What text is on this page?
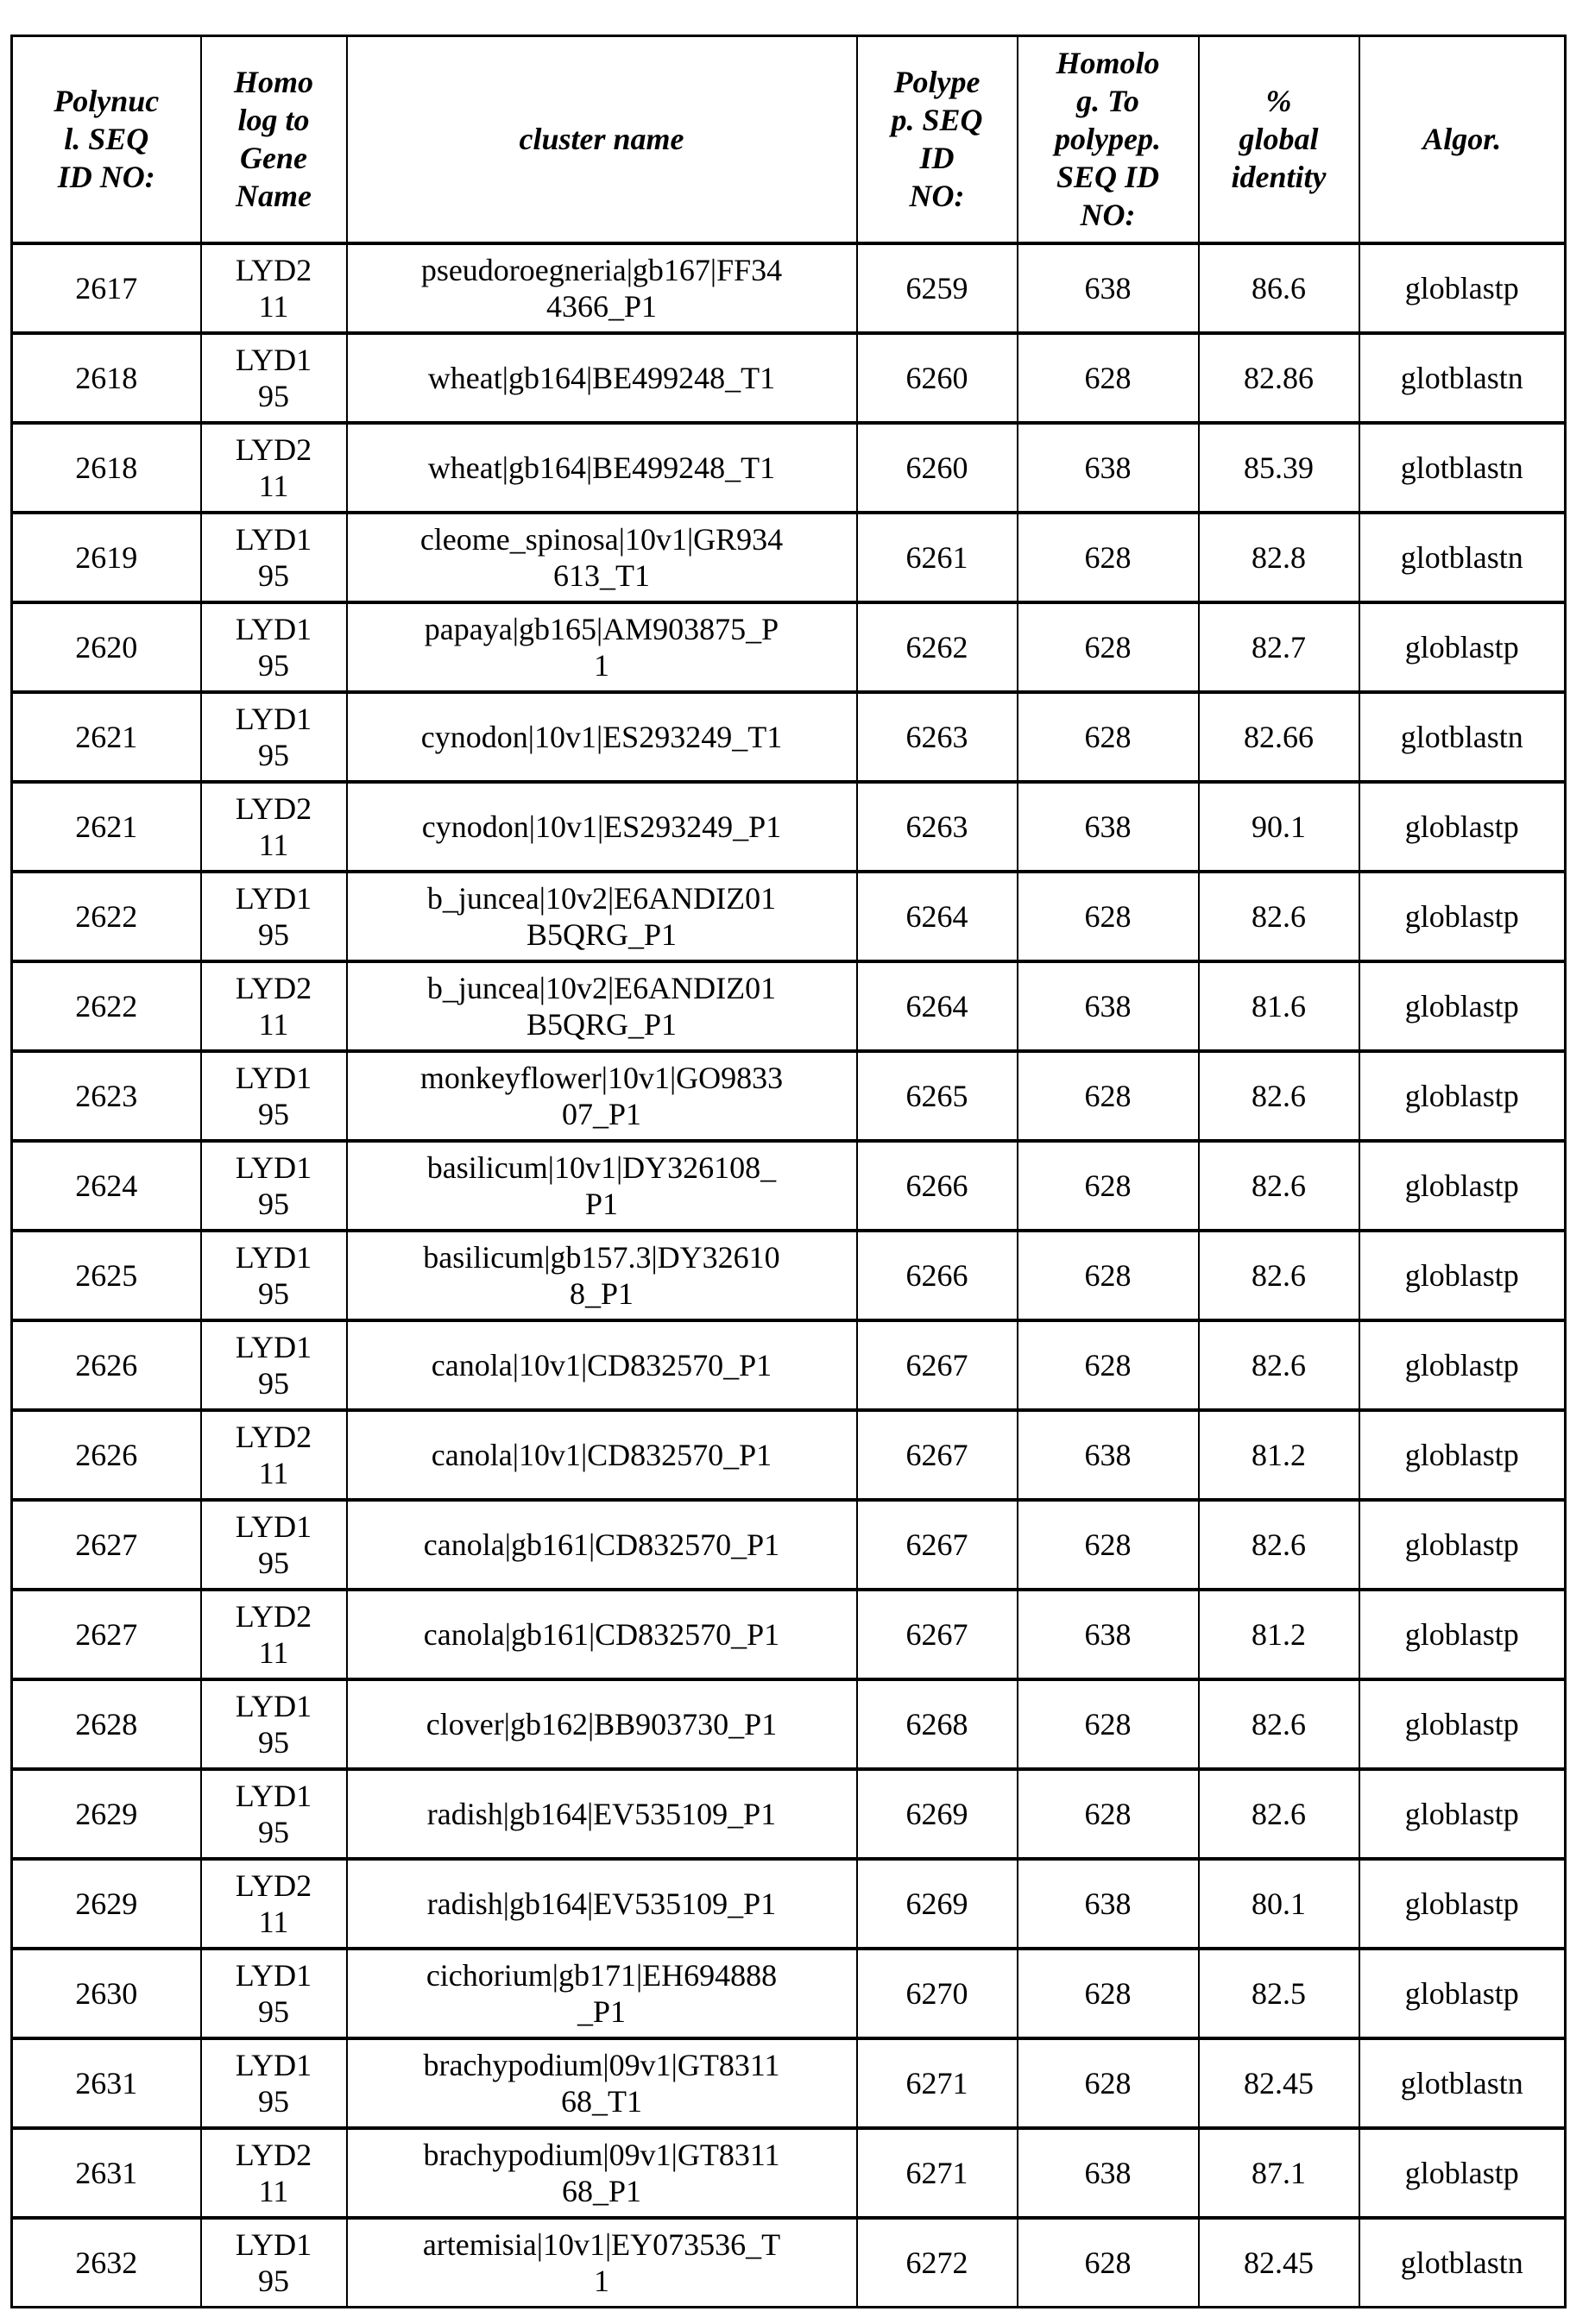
Polynuc
l. SEQ
ID NO:	Homo
log to
Gene
Name	cluster name	Polype
p. SEQ
ID
NO:	Homolo
g. To
polypep.
SEQ ID
NO:	%
global
identity	Algor.

2617	LYD2
11	pseudoroegneria|gb167|FF34
4366_P1	6259	638	86.6	globlastp
2618	LYD1
95	wheat|gb164|BE499248_T1	6260	628	82.86	glotblastn
2618	LYD2
11	wheat|gb164|BE499248_T1	6260	638	85.39	glotblastn
2619	LYD1
95	cleome_spinosa|10v1|GR934
613_T1	6261	628	82.8	glotblastn
2620	LYD1
95	papaya|gb165|AM903875_P
1	6262	628	82.7	globlastp
2621	LYD1
95	cynodon|10v1|ES293249_T1	6263	628	82.66	glotblastn
2621	LYD2
11	cynodon|10v1|ES293249_P1	6263	638	90.1	globlastp
2622	LYD1
95	b_juncea|10v2|E6ANDIZ01
B5QRG_P1	6264	628	82.6	globlastp
2622	LYD2
11	b_juncea|10v2|E6ANDIZ01
B5QRG_P1	6264	638	81.6	globlastp
2623	LYD1
95	monkeyflower|10v1|GO9833
07_P1	6265	628	82.6	globlastp
2624	LYD1
95	basilicum|10v1|DY326108_
P1	6266	628	82.6	globlastp
2625	LYD1
95	basilicum|gb157.3|DY32610
8_P1	6266	628	82.6	globlastp
2626	LYD1
95	canola|10v1|CD832570_P1	6267	628	82.6	globlastp
2626	LYD2
11	canola|10v1|CD832570_P1	6267	638	81.2	globlastp
2627	LYD1
95	canola|gb161|CD832570_P1	6267	628	82.6	globlastp
2627	LYD2
11	canola|gb161|CD832570_P1	6267	638	81.2	globlastp
2628	LYD1
95	clover|gb162|BB903730_P1	6268	628	82.6	globlastp
2629	LYD1
95	radish|gb164|EV535109_P1	6269	628	82.6	globlastp
2629	LYD2
11	radish|gb164|EV535109_P1	6269	638	80.1	globlastp
2630	LYD1
95	cichorium|gb171|EH694888
_P1	6270	628	82.5	globlastp
2631	LYD1
95	brachypodium|09v1|GT8311
68_T1	6271	628	82.45	glotblastn
2631	LYD2
11	brachypodium|09v1|GT8311
68_P1	6271	638	87.1	globlastp
2632	LYD1
95	artemisia|10v1|EY073536_T
1	6272	628	82.45	glotblastn
